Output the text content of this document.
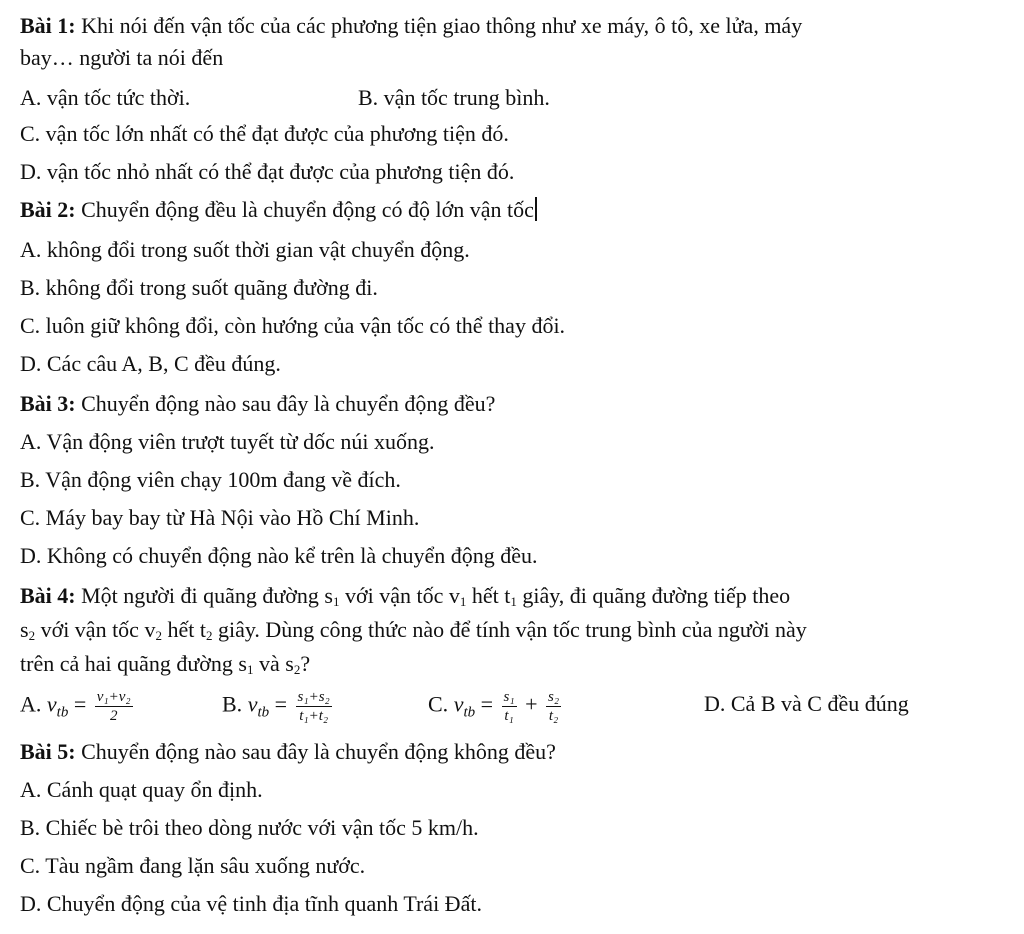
Bài 1: Khi nói đến vận tốc của các phương tiện giao thông như xe máy, ô tô, xe lửa, máy
bay… người ta nói đến
A. vận tốc tức thời.	B. vận tốc trung bình.
C. vận tốc lớn nhất có thể đạt được của phương tiện đó.
D. vận tốc nhỏ nhất có thể đạt được của phương tiện đó.
Bài 2: Chuyển động đều là chuyển động có độ lớn vận tốc
A. không đổi trong suốt thời gian vật chuyển động.
B. không đổi trong suốt quãng đường đi.
C. luôn giữ không đổi, còn hướng của vận tốc có thể thay đổi.
D. Các câu A, B, C đều đúng.
Bài 3: Chuyển động nào sau đây là chuyển động đều?
A. Vận động viên trượt tuyết từ dốc núi xuống.
B. Vận động viên chạy 100m đang về đích.
C. Máy bay bay từ Hà Nội vào Hồ Chí Minh.
D. Không có chuyển động nào kể trên là chuyển động đều.
Bài 4: Một người đi quãng đường s1 với vận tốc v1 hết t1 giây, đi quãng đường tiếp theo
s2 với vận tốc v2 hết t2 giây. Dùng công thức nào để tính vận tốc trung bình của người này
trên cả hai quãng đường s1 và s2?
A. $v_{tb} = \frac{\text{v₁+v₂}}{2}$	B. $v_{tb} = \frac{\text{s₁+s₂}}{\text{t₁+t₂}}$	C. $v_{tb} = \frac{\text{s₁}}{\text{t₁}} + \frac{\text{s₂}}{\text{t₂}}$	D. Cả B và C đều đúng
Bài 5: Chuyển động nào sau đây là chuyển động không đều?
A. Cánh quạt quay ổn định.
B. Chiếc bè trôi theo dòng nước với vận tốc 5 km/h.
C. Tàu ngầm đang lặn sâu xuống nước.
D. Chuyển động của vệ tinh địa tĩnh quanh Trái Đất.
